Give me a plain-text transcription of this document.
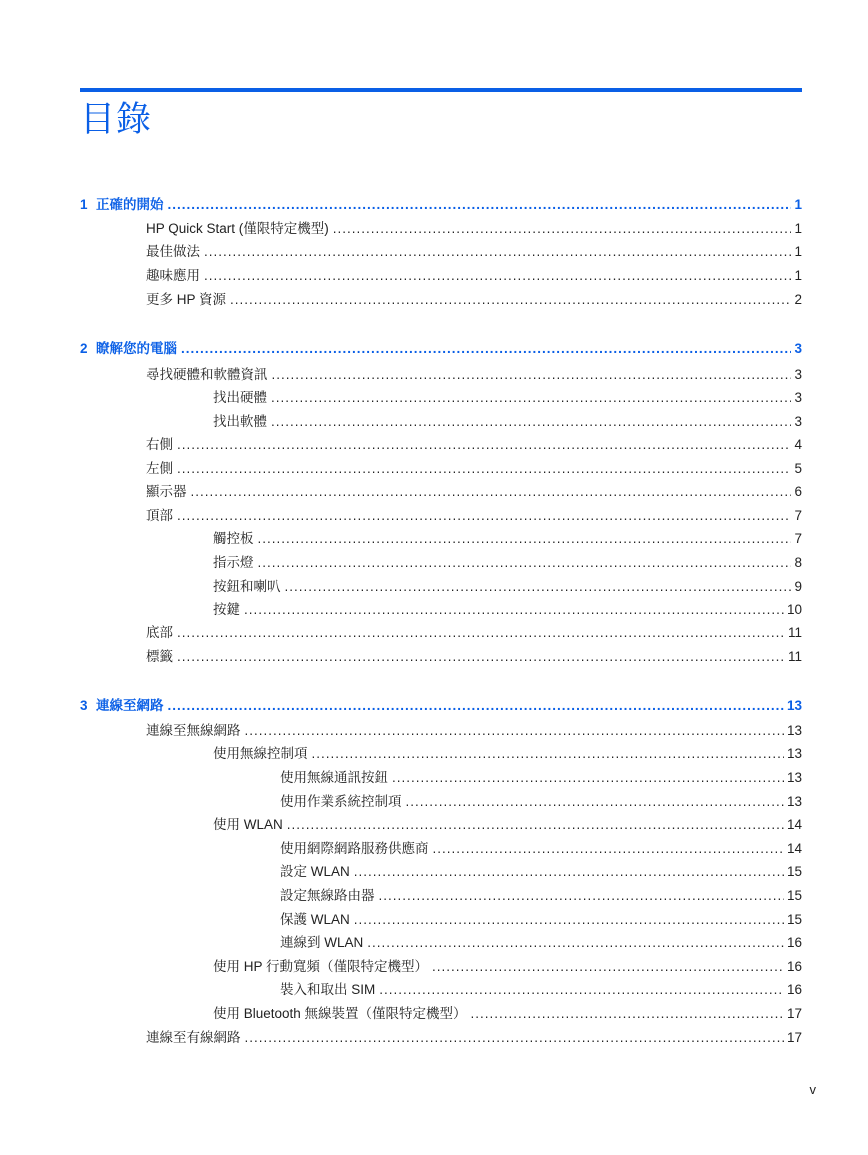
目錄
1 正確的開始 .....	1
HP Quick Start (僅限特定機型) .....	1
最佳做法 .....	1
趣味應用 .....	1
更多 HP 資源 .....	2
2 瞭解您的電腦 .....	3
尋找硬體和軟體資訊 .....	3
找出硬體 .....	3
找出軟體 .....	3
右側 .....	4
左側 .....	5
顯示器 .....	6
頂部 .....	7
觸控板 .....	7
指示燈 .....	8
按鈕和喇叭 .....	9
按鍵 .....	10
底部 .....	11
標籤 .....	11
3 連線至網路 .....	13
連線至無線網路 .....	13
使用無線控制項 .....	13
使用無線通訊按鈕 .....	13
使用作業系統控制項 .....	13
使用 WLAN .....	14
使用網際網路服務供應商 .....	14
設定 WLAN .....	15
設定無線路由器 .....	15
保護 WLAN .....	15
連線到 WLAN .....	16
使用 HP 行動寬頻（僅限特定機型） .....	16
裝入和取出 SIM .....	16
使用 Bluetooth 無線裝置（僅限特定機型） .....	17
連線至有線網路 .....	17
v
